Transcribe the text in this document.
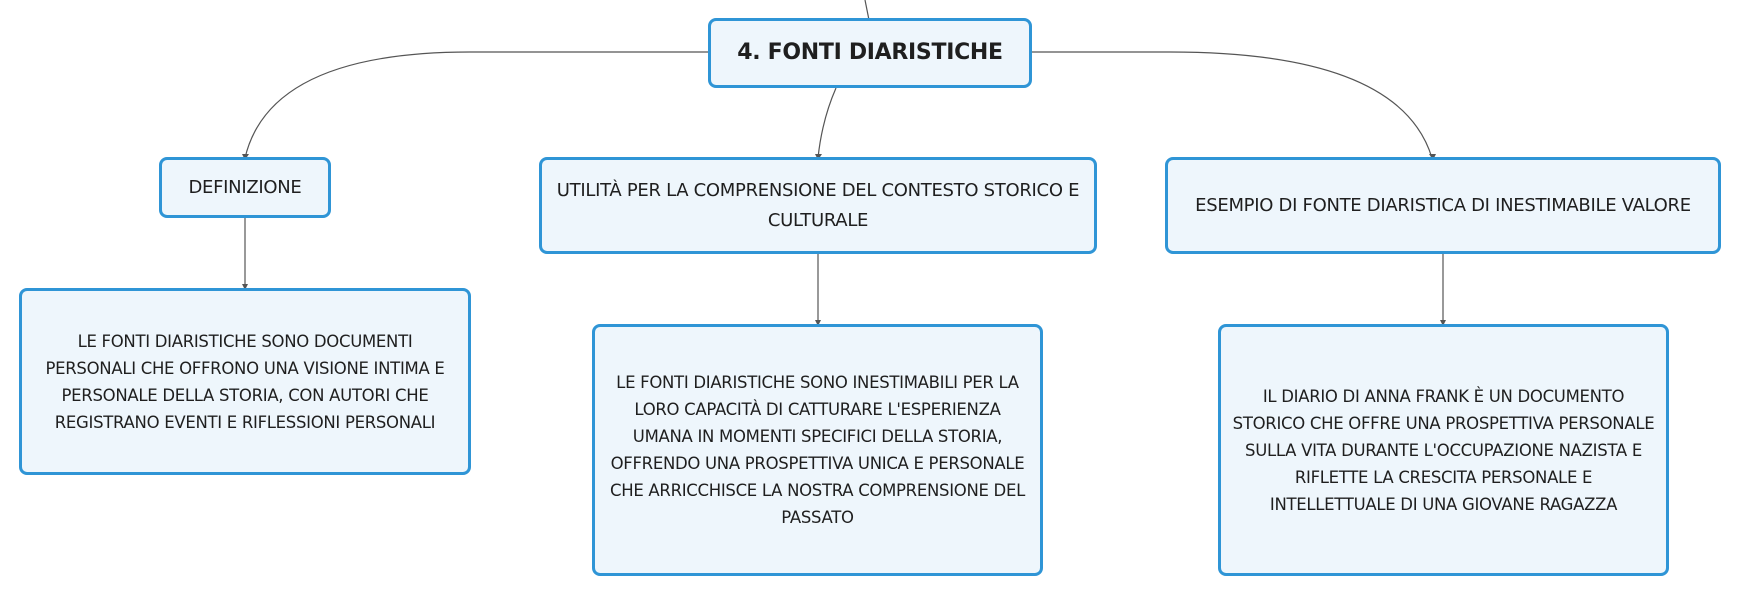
4. FONTI DIARISTICHE
DEFINIZIONE	UTILITÀ PER LA COMPRENSIONE DEL CONTESTO STORICO E CULTURALE
ESEMPIO DI FONTE DIARISTICA DI INESTIMABILE VALORE
LE FONTI DIARISTICHE SONO DOCUMENTI PERSONALI CHE OFFRONO UNA VISIONE INTIMA E PERSONALE DELLA STORIA, CON AUTORI CHE REGISTRANO EVENTI E RIFLESSIONI PERSONALI
LE FONTI DIARISTICHE SONO INESTIMABILI PER LA LORO CAPACITÀ DI CATTURARE L'ESPERIENZA UMANA IN MOMENTI SPECIFICI DELLA STORIA, OFFRENDO UNA PROSPETTIVA UNICA E PERSONALE CHE ARRICCHISCE LA NOSTRA COMPRENSIONE DEL PASSATO
IL DIARIO DI ANNA FRANK È UN DOCUMENTO STORICO CHE OFFRE UNA PROSPETTIVA PERSONALE SULLA VITA DURANTE L'OCCUPAZIONE NAZISTA E RIFLETTE LA CRESCITA PERSONALE E INTELLETTUALE DI UNA GIOVANE RAGAZZA
